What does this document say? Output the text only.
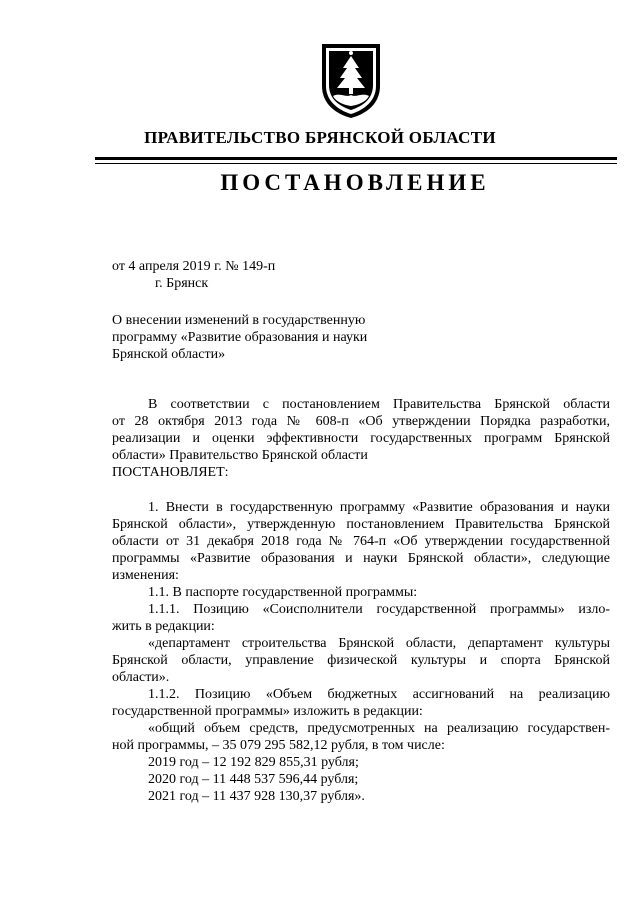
ПРАВИТЕЛЬСТВО БРЯНСКОЙ ОБЛАСТИ
ПОСТАНОВЛЕНИЕ
от 4 апреля 2019 г. № 149-п
г. Брянск
О внесении изменений в государственную
программу «Развитие образования и науки
Брянской области»
В соответствии с постановлением Правительства Брянской области
от 28 октября 2013 года № 608-п «Об утверждении Порядка разработки,
реализации и оценки эффективности государственных программ Брянской
области» Правительство Брянской области
ПОСТАНОВЛЯЕТ:
1. Внести в государственную программу «Развитие образования и науки
Брянской области», утвержденную постановлением Правительства Брянской
области от 31 декабря 2018 года № 764-п «Об утверждении государственной
программы «Развитие образования и науки Брянской области», следующие
изменения:
1.1. В паспорте государственной программы:
1.1.1. Позицию «Соисполнители государственной программы» изло-
жить в редакции:
«департамент строительства Брянской области, департамент культуры
Брянской области, управление физической культуры и спорта Брянской
области».
1.1.2. Позицию «Объем бюджетных ассигнований на реализацию
государственной программы» изложить в редакции:
«общий объем средств, предусмотренных на реализацию государствен-
ной программы, – 35 079 295 582,12 рубля, в том числе:
2019 год – 12 192 829 855,31 рубля;
2020 год – 11 448 537 596,44 рубля;
2021 год – 11 437 928 130,37 рубля».
